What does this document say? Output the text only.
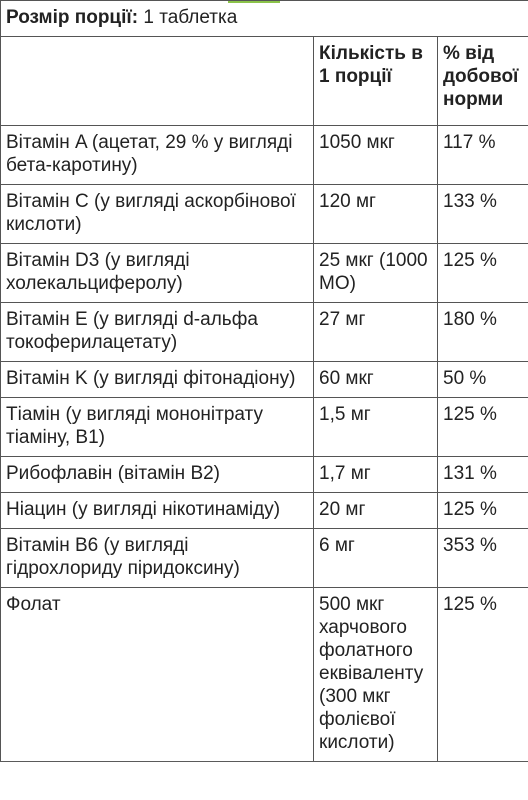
Розмір порції: 1 таблетка		
	Кількість в 1 порції	% від добової норми
Вітамін A (ацетат, 29 % у вигляді бета-каротину)	1050 мкг	117 %
Вітамін C (у вигляді аскорбінової кислоти)	120 мг	133 %
Вітамін D3 (у вигляді холекальциферолу)	25 мкг (1000 МО)	125 %
Вітамін E (у вигляді d-альфа токоферилацетату)	27 мг	180 %
Вітамін K (у вигляді фітонадіону)	60 мкг	50 %
Тіамін (у вигляді мононітрату тіаміну, B1)	1,5 мг	125 %
Рибофлавін (вітамін B2)	1,7 мг	131 %
Ніацин (у вигляді нікотинаміду)	20 мг	125 %
Вітамін B6 (у вигляді гідрохлориду піридоксину)	6 мг	353 %
Фолат	500 мкг харчового фолатного еквіваленту (300 мкг фолієвої кислоти)	125 %
